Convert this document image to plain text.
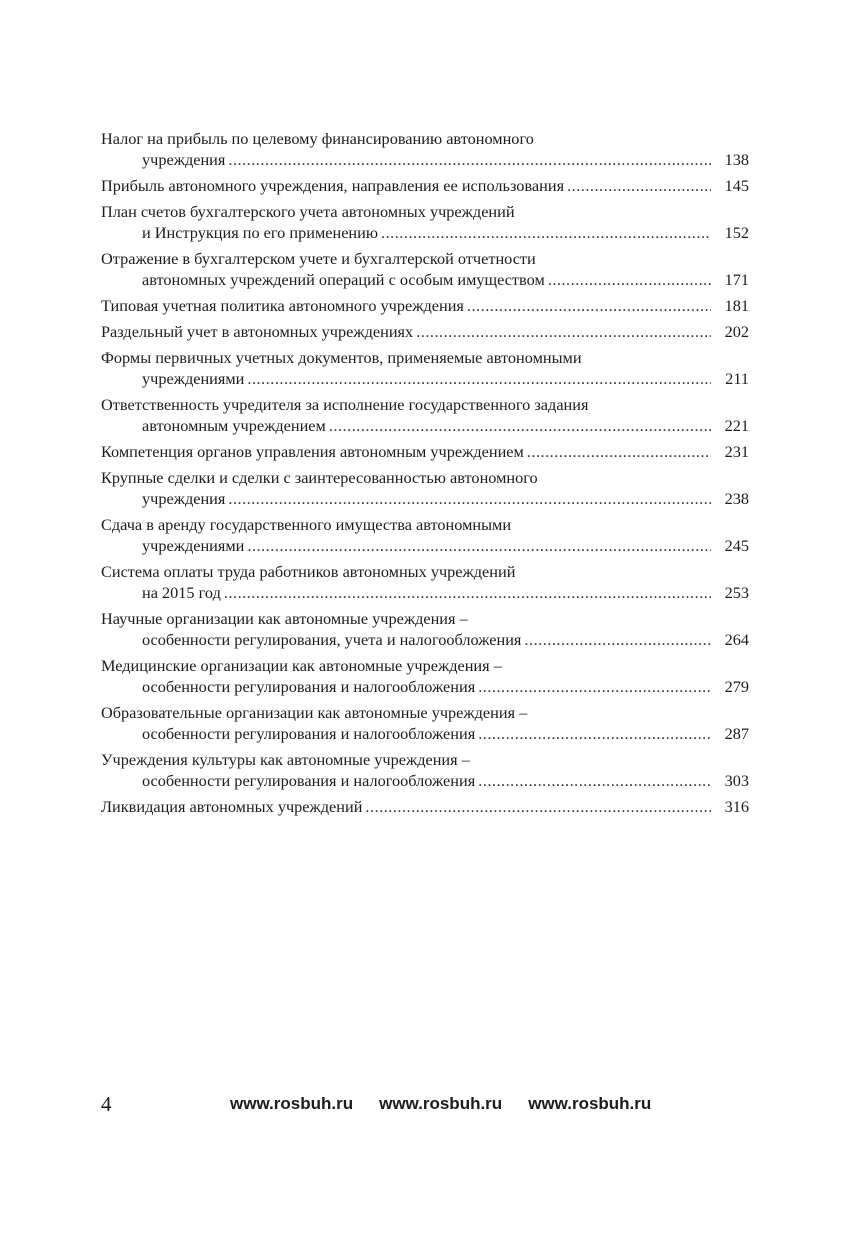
Налог на прибыль по целевому финансированию автономного
учреждения .....	138
Прибыль автономного учреждения, направления ее использования .....	145
План счетов бухгалтерского учета автономных учреждений
и Инструкция по его применению .....	152
Отражение в бухгалтерском учете и бухгалтерской отчетности
автономных учреждений операций с особым имуществом .....	171
Типовая учетная политика автономного учреждения .....	181
Раздельный учет в автономных учреждениях .....	202
Формы первичных учетных документов, применяемые автономными
учреждениями .....	211
Ответственность учредителя за исполнение государственного задания
автономным учреждением .....	221
Компетенция органов управления автономным учреждением .....	231
Крупные сделки и сделки с заинтересованностью автономного
учреждения .....	238
Сдача в аренду государственного имущества автономными
учреждениями .....	245
Система оплаты труда работников автономных учреждений
на 2015 год .....	253
Научные организации как автономные учреждения –
особенности регулирования, учета и налогообложения .....	264
Медицинские организации как автономные учреждения –
особенности регулирования и налогообложения .....	279
Образовательные организации как автономные учреждения –
особенности регулирования и налогообложения .....	287
Учреждения культуры как автономные учреждения –
особенности регулирования и налогообложения .....	303
Ликвидация автономных учреждений .....	316
4	www.rosbuh.ru www.rosbuh.ru www.rosbuh.ru
